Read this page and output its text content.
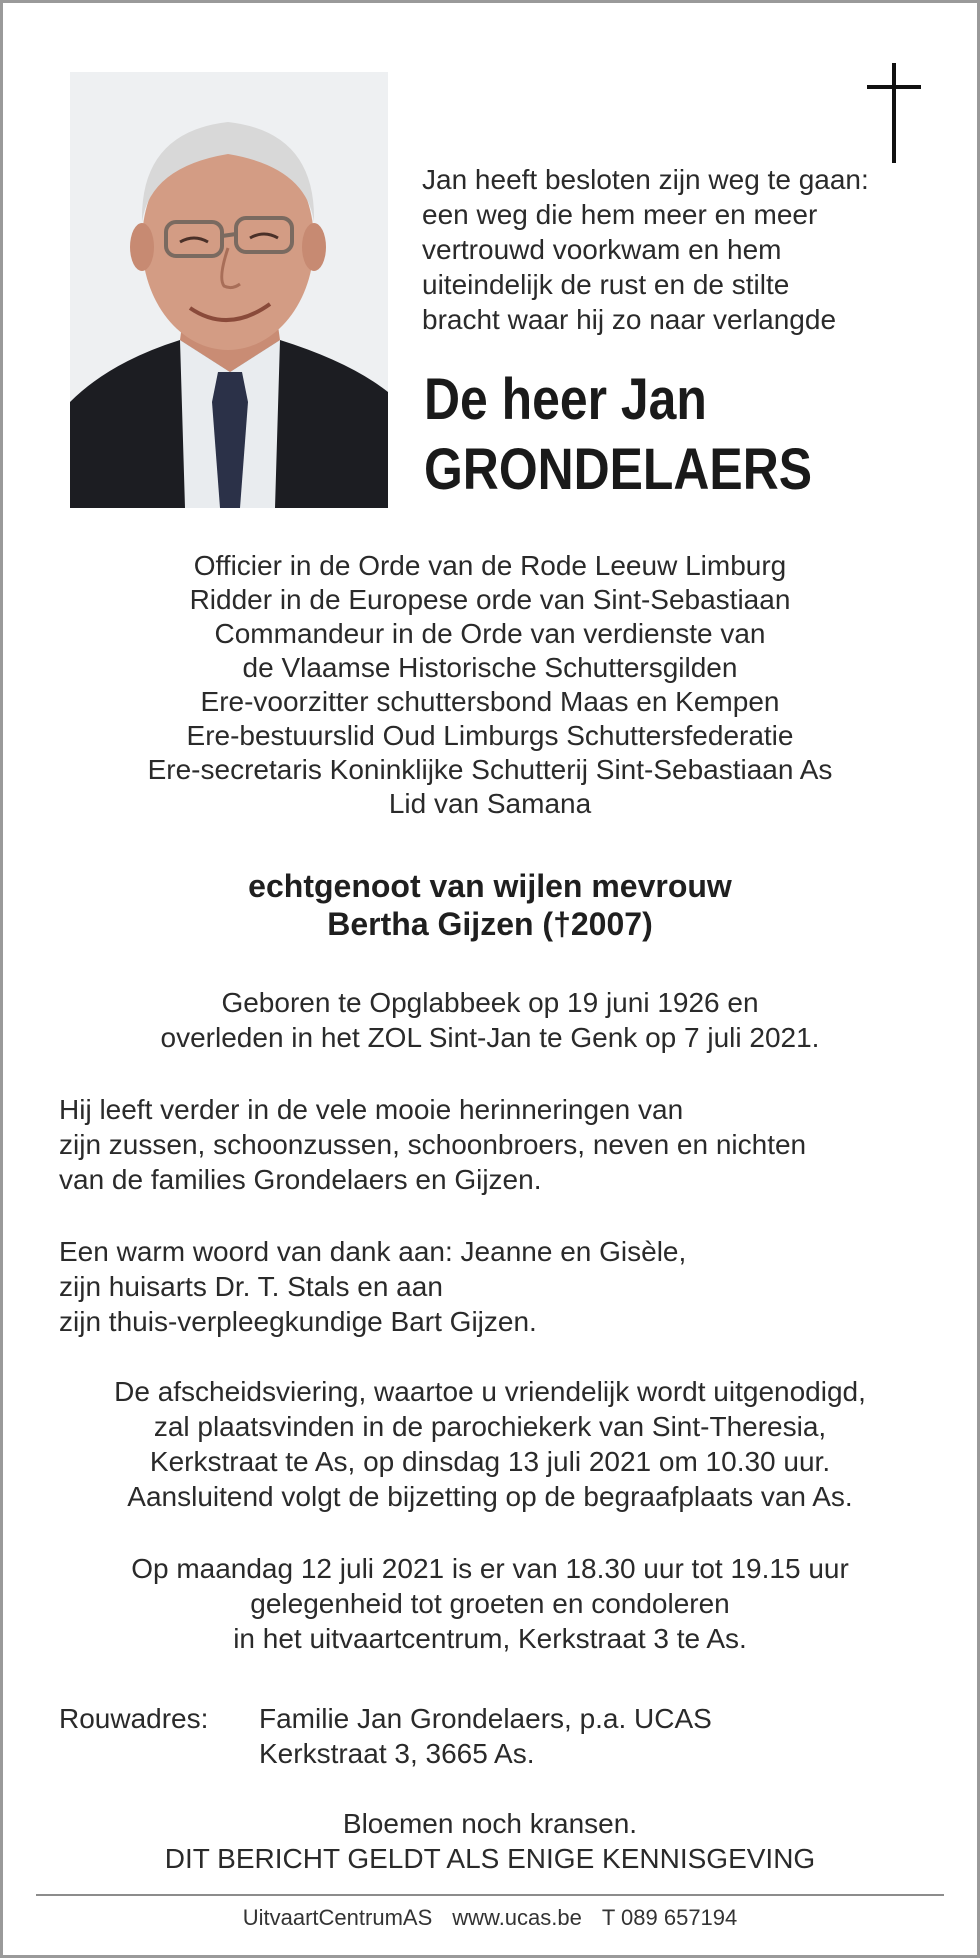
Jan heeft besloten zijn weg te gaan:
een weg die hem meer en meer
vertrouwd voorkwam en hem
uiteindelijk de rust en de stilte
bracht waar hij zo naar verlangde
De heer Jan
GRONDELAERS
Officier in de Orde van de Rode Leeuw Limburg
Ridder in de Europese orde van Sint-Sebastiaan
Commandeur in de Orde van verdienste van
de Vlaamse Historische Schuttersgilden
Ere-voorzitter schuttersbond Maas en Kempen
Ere-bestuurslid Oud Limburgs Schuttersfederatie
Ere-secretaris Koninklijke Schutterij Sint-Sebastiaan As
Lid van Samana
echtgenoot van wijlen mevrouw
Bertha Gijzen (†2007)
Geboren te Opglabbeek op 19 juni 1926 en
overleden in het ZOL Sint-Jan te Genk op 7 juli 2021.
Hij leeft verder in de vele mooie herinneringen van
zijn zussen, schoonzussen, schoonbroers, neven en nichten
van de families Grondelaers en Gijzen.
Een warm woord van dank aan: Jeanne en Gisèle,
zijn huisarts Dr. T. Stals en aan
zijn thuis-verpleegkundige Bart Gijzen.
De afscheidsviering, waartoe u vriendelijk wordt uitgenodigd,
zal plaatsvinden in de parochiekerk van Sint-Theresia,
Kerkstraat te As, op dinsdag 13 juli 2021 om 10.30 uur.
Aansluitend volgt de bijzetting op de begraafplaats van As.
Op maandag 12 juli 2021 is er van 18.30 uur tot 19.15 uur
gelegenheid tot groeten en condoleren
in het uitvaartcentrum, Kerkstraat 3 te As.
Rouwadres: Familie Jan Grondelaers, p.a. UCAS
Kerkstraat 3, 3665 As.
Bloemen noch kransen.
DIT BERICHT GELDT ALS ENIGE KENNISGEVING
UitvaartCentrumAS www.ucas.be T 089 657194
